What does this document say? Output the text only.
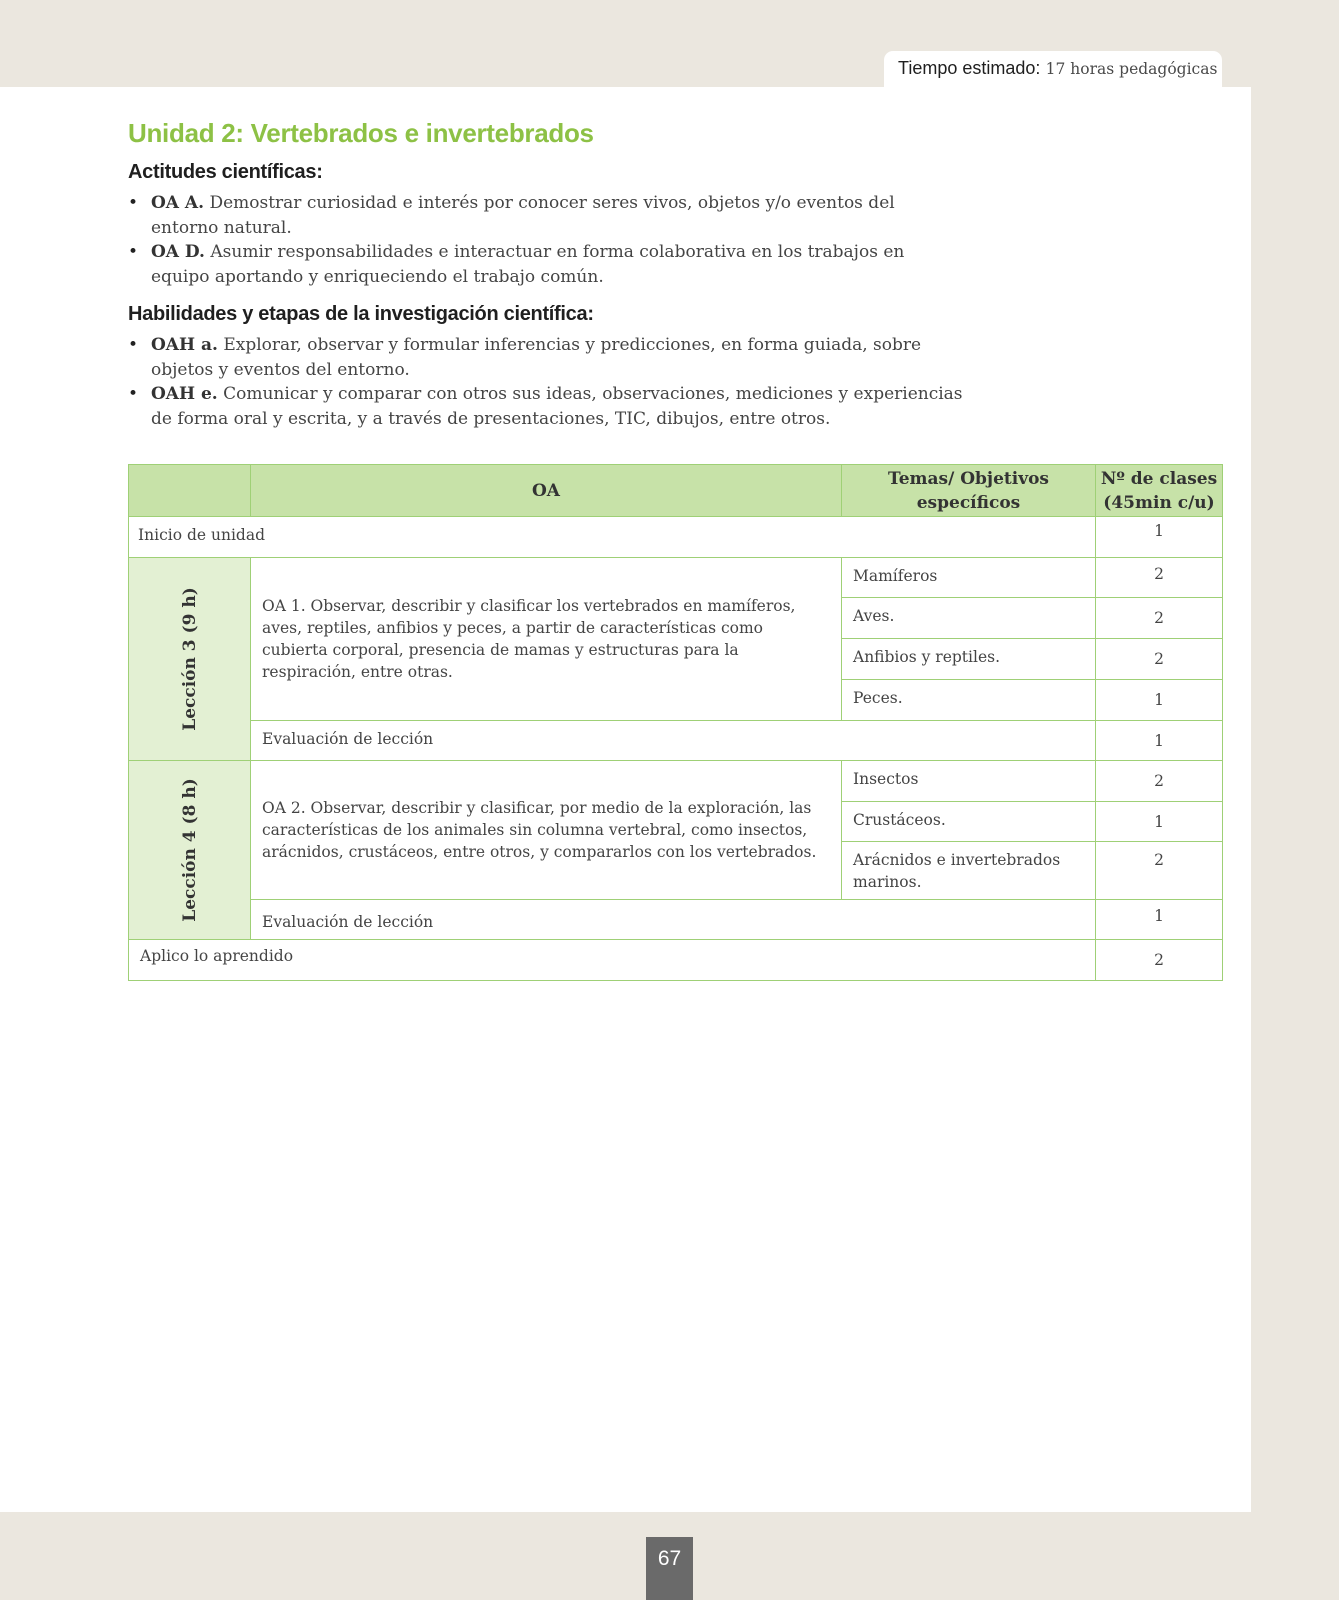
Tiempo estimado: 17 horas pedagógicas
Unidad 2: Vertebrados e invertebrados
Actitudes científicas:
• OA A. Demostrar curiosidad e interés por conocer seres vivos, objetos y/o eventos del entorno natural.
• OA D. Asumir responsabilidades e interactuar en forma colaborativa en los trabajos en equipo aportando y enriqueciendo el trabajo común.
Habilidades y etapas de la investigación científica:
• OAH a. Explorar, observar y formular inferencias y predicciones, en forma guiada, sobre objetos y eventos del entorno.
• OAH e. Comunicar y comparar con otros sus ideas, observaciones, mediciones y experiencias de forma oral y escrita, y a través de presentaciones, TIC, dibujos, entre otros.
	OA	Temas/ Objetivos específicos	Nº de clases (45min c/u)
Inicio de unidad			1

Lección 3 (9 h)	OA 1. Observar, describir y clasificar los vertebrados en mamíferos, aves, reptiles, anfibios y peces, a partir de características como cubierta corporal, presencia de mamas y estructuras para la respiración, entre otras.	Mamíferos	2
		Aves.	2
		Anfibios y reptiles.	2
		Peces.	1
	Evaluación de lección		1

Lección 4 (8 h)	OA 2. Observar, describir y clasificar, por medio de la exploración, las características de los animales sin columna vertebral, como insectos, arácnidos, crustáceos, entre otros, y compararlos con los vertebrados.	Insectos	2
		Crustáceos.	1
		Arácnidos e invertebrados marinos.	2
	Evaluación de lección		1
Aplico lo aprendido			2
67
